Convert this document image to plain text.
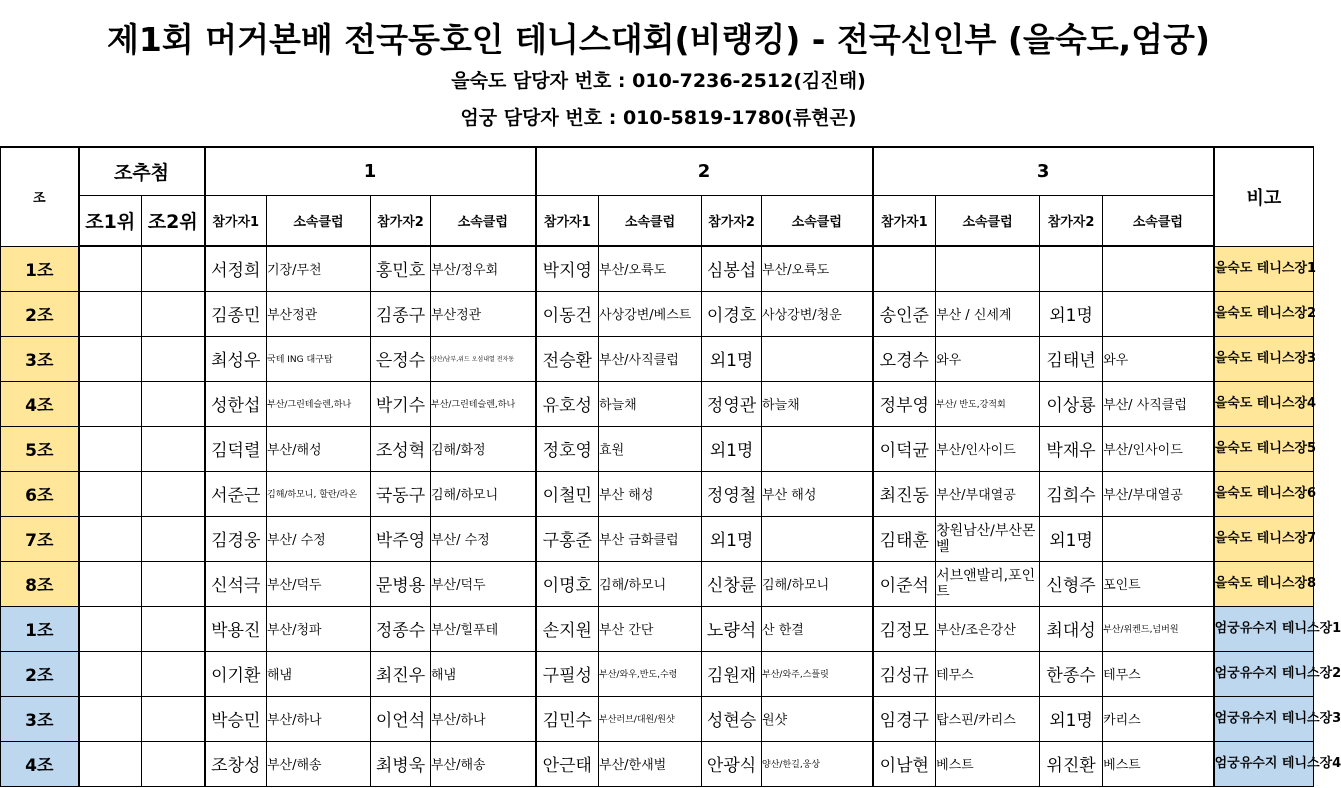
제1회 머거본배 전국동호인 테니스대회(비랭킹) - 전국신인부 (을숙도,엄궁)
을숙도 담당자 번호 : 010-7236-2512(김진태)
엄궁 담당자 번호 : 010-5819-1780(류현곤)
조	조추첨		1				2				3				비고
	조1위	조2위	참가자1	소속클럽	참가자2	소속클럽	참가자1	소속클럽	참가자2	소속클럽	참가자1	소속클럽	참가자2	소속클럽	
1조			서정희	기장/무천	홍민호	부산/정우회	박지영	부산/오륙도	심봉섭	부산/오륙도					을숙도 테니스장1
2조			김종민	부산정관	김종구	부산정관	이동건	사상강변/베스트	이경호	사상강변/청운	송인준	부산 / 신세계	외1명		을숙도 테니스장2
3조			최성우	국테 ING 대구탑	은정수	양산/남부,위드 오섬내열 전자동	전승환	부산/사직클럽	외1명		오경수	와우	김태년	와우	을숙도 테니스장3
4조			성한섭	부산/그린테슬렌,하나	박기수	부산/그린테슬렌,하나	유호성	하늘채	정영관	하늘채	정부영	부산/ 반도,강적회	이상룡	부산/ 사직클럽	을숙도 테니스장4
5조			김덕렬	부산/해성	조성혁	김해/화정	정호영	효원	외1명		이덕균	부산/인사이드	박재우	부산/인사이드	을숙도 테니스장5
6조			서준근	김해/하모니, 할란/라온	국동구	김해/하모니	이철민	부산 해성	정영철	부산 해성	최진동	부산/부대열공	김희수	부산/부대열공	을숙도 테니스장6
7조			김경웅	부산/ 수정	박주영	부산/ 수정	구홍준	부산 금화클럽	외1명		김태훈	창원남산/부산몬벨	외1명		을숙도 테니스장7
8조			신석극	부산/덕두	문병용	부산/덕두	이명호	김해/하모니	신창륜	김해/하모니	이준석	서브앤발리,포인트	신형주	포인트	을숙도 테니스장8
1조			박용진	부산/청파	정종수	부산/힐푸테	손지원	부산 간단	노량석	산 한결	김정모	부산/조은강산	최대성	부산/위켄드,넘버원	엄궁유수지 테니스장1
2조			이기환	해냄	최진우	해냄	구필성	부산/와우,반도,수령	김원재	부산/와주,스플릿	김성규	테무스	한종수	테무스	엄궁유수지 테니스장2
3조			박승민	부산/하나	이언석	부산/하나	김민수	부산러브/대원/원샷	성현승	원샷	임경구	탑스핀/카리스	외1명	카리스	엄궁유수지 테니스장3
4조			조창성	부산/해송	최병욱	부산/해송	안근태	부산/한새벌	안광식	양산/한길,웅상	이남현	베스트	위진환	베스트	엄궁유수지 테니스장4
